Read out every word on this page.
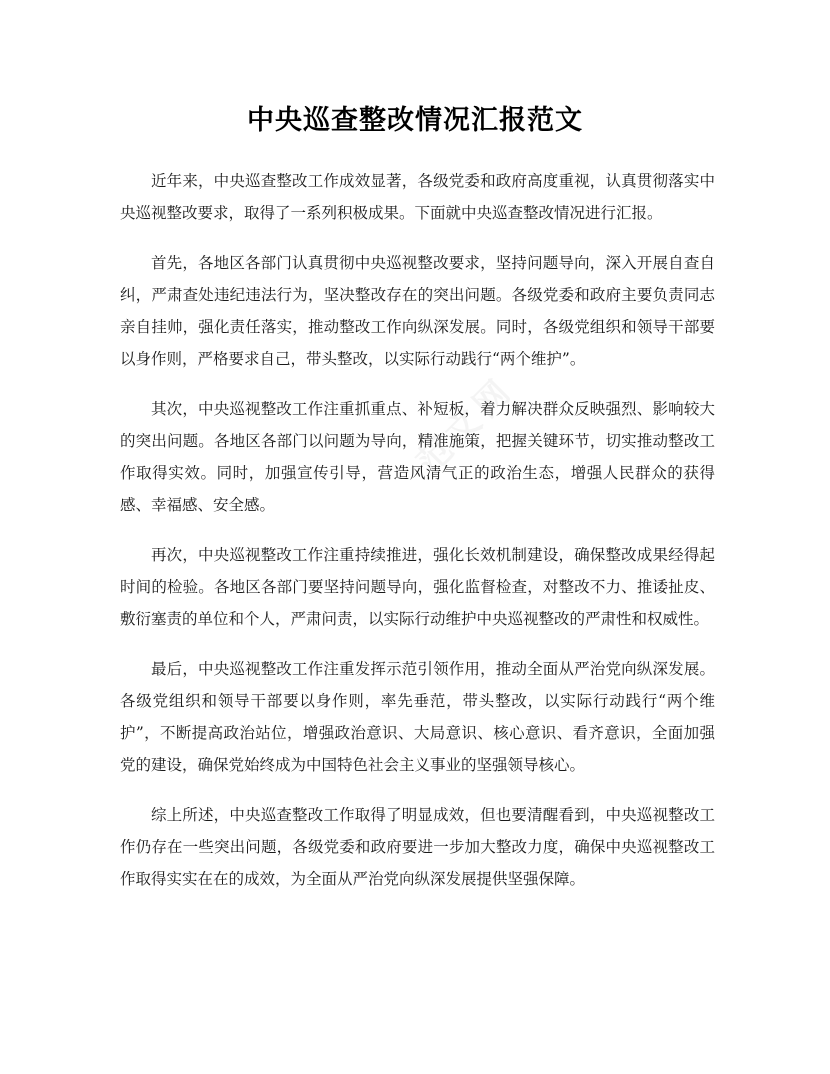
中央巡查整改情况汇报范文

近年来，中央巡查整改工作成效显著，各级党委和政府高度重视，认真贯彻落实中央巡视整改要求，取得了一系列积极成果。下面就中央巡查整改情况进行汇报。

首先，各地区各部门认真贯彻中央巡视整改要求，坚持问题导向，深入开展自查自纠，严肃查处违纪违法行为，坚决整改存在的突出问题。各级党委和政府主要负责同志亲自挂帅，强化责任落实，推动整改工作向纵深发展。同时，各级党组织和领导干部要以身作则，严格要求自己，带头整改，以实际行动践行“两个维护”。

其次，中央巡视整改工作注重抓重点、补短板，着力解决群众反映强烈、影响较大的突出问题。各地区各部门以问题为导向，精准施策，把握关键环节，切实推动整改工作取得实效。同时，加强宣传引导，营造风清气正的政治生态，增强人民群众的获得感、幸福感、安全感。

再次，中央巡视整改工作注重持续推进，强化长效机制建设，确保整改成果经得起时间的检验。各地区各部门要坚持问题导向，强化监督检查，对整改不力、推诿扯皮、敷衍塞责的单位和个人，严肃问责，以实际行动维护中央巡视整改的严肃性和权威性。

最后，中央巡视整改工作注重发挥示范引领作用，推动全面从严治党向纵深发展。各级党组织和领导干部要以身作则，率先垂范，带头整改，以实际行动践行“两个维护”，不断提高政治站位，增强政治意识、大局意识、核心意识、看齐意识，全面加强党的建设，确保党始终成为中国特色社会主义事业的坚强领导核心。

综上所述，中央巡查整改工作取得了明显成效，但也要清醒看到，中央巡视整改工作仍存在一些突出问题，各级党委和政府要进一步加大整改力度，确保中央巡视整改工作取得实实在在的成效，为全面从严治党向纵深发展提供坚强保障。
